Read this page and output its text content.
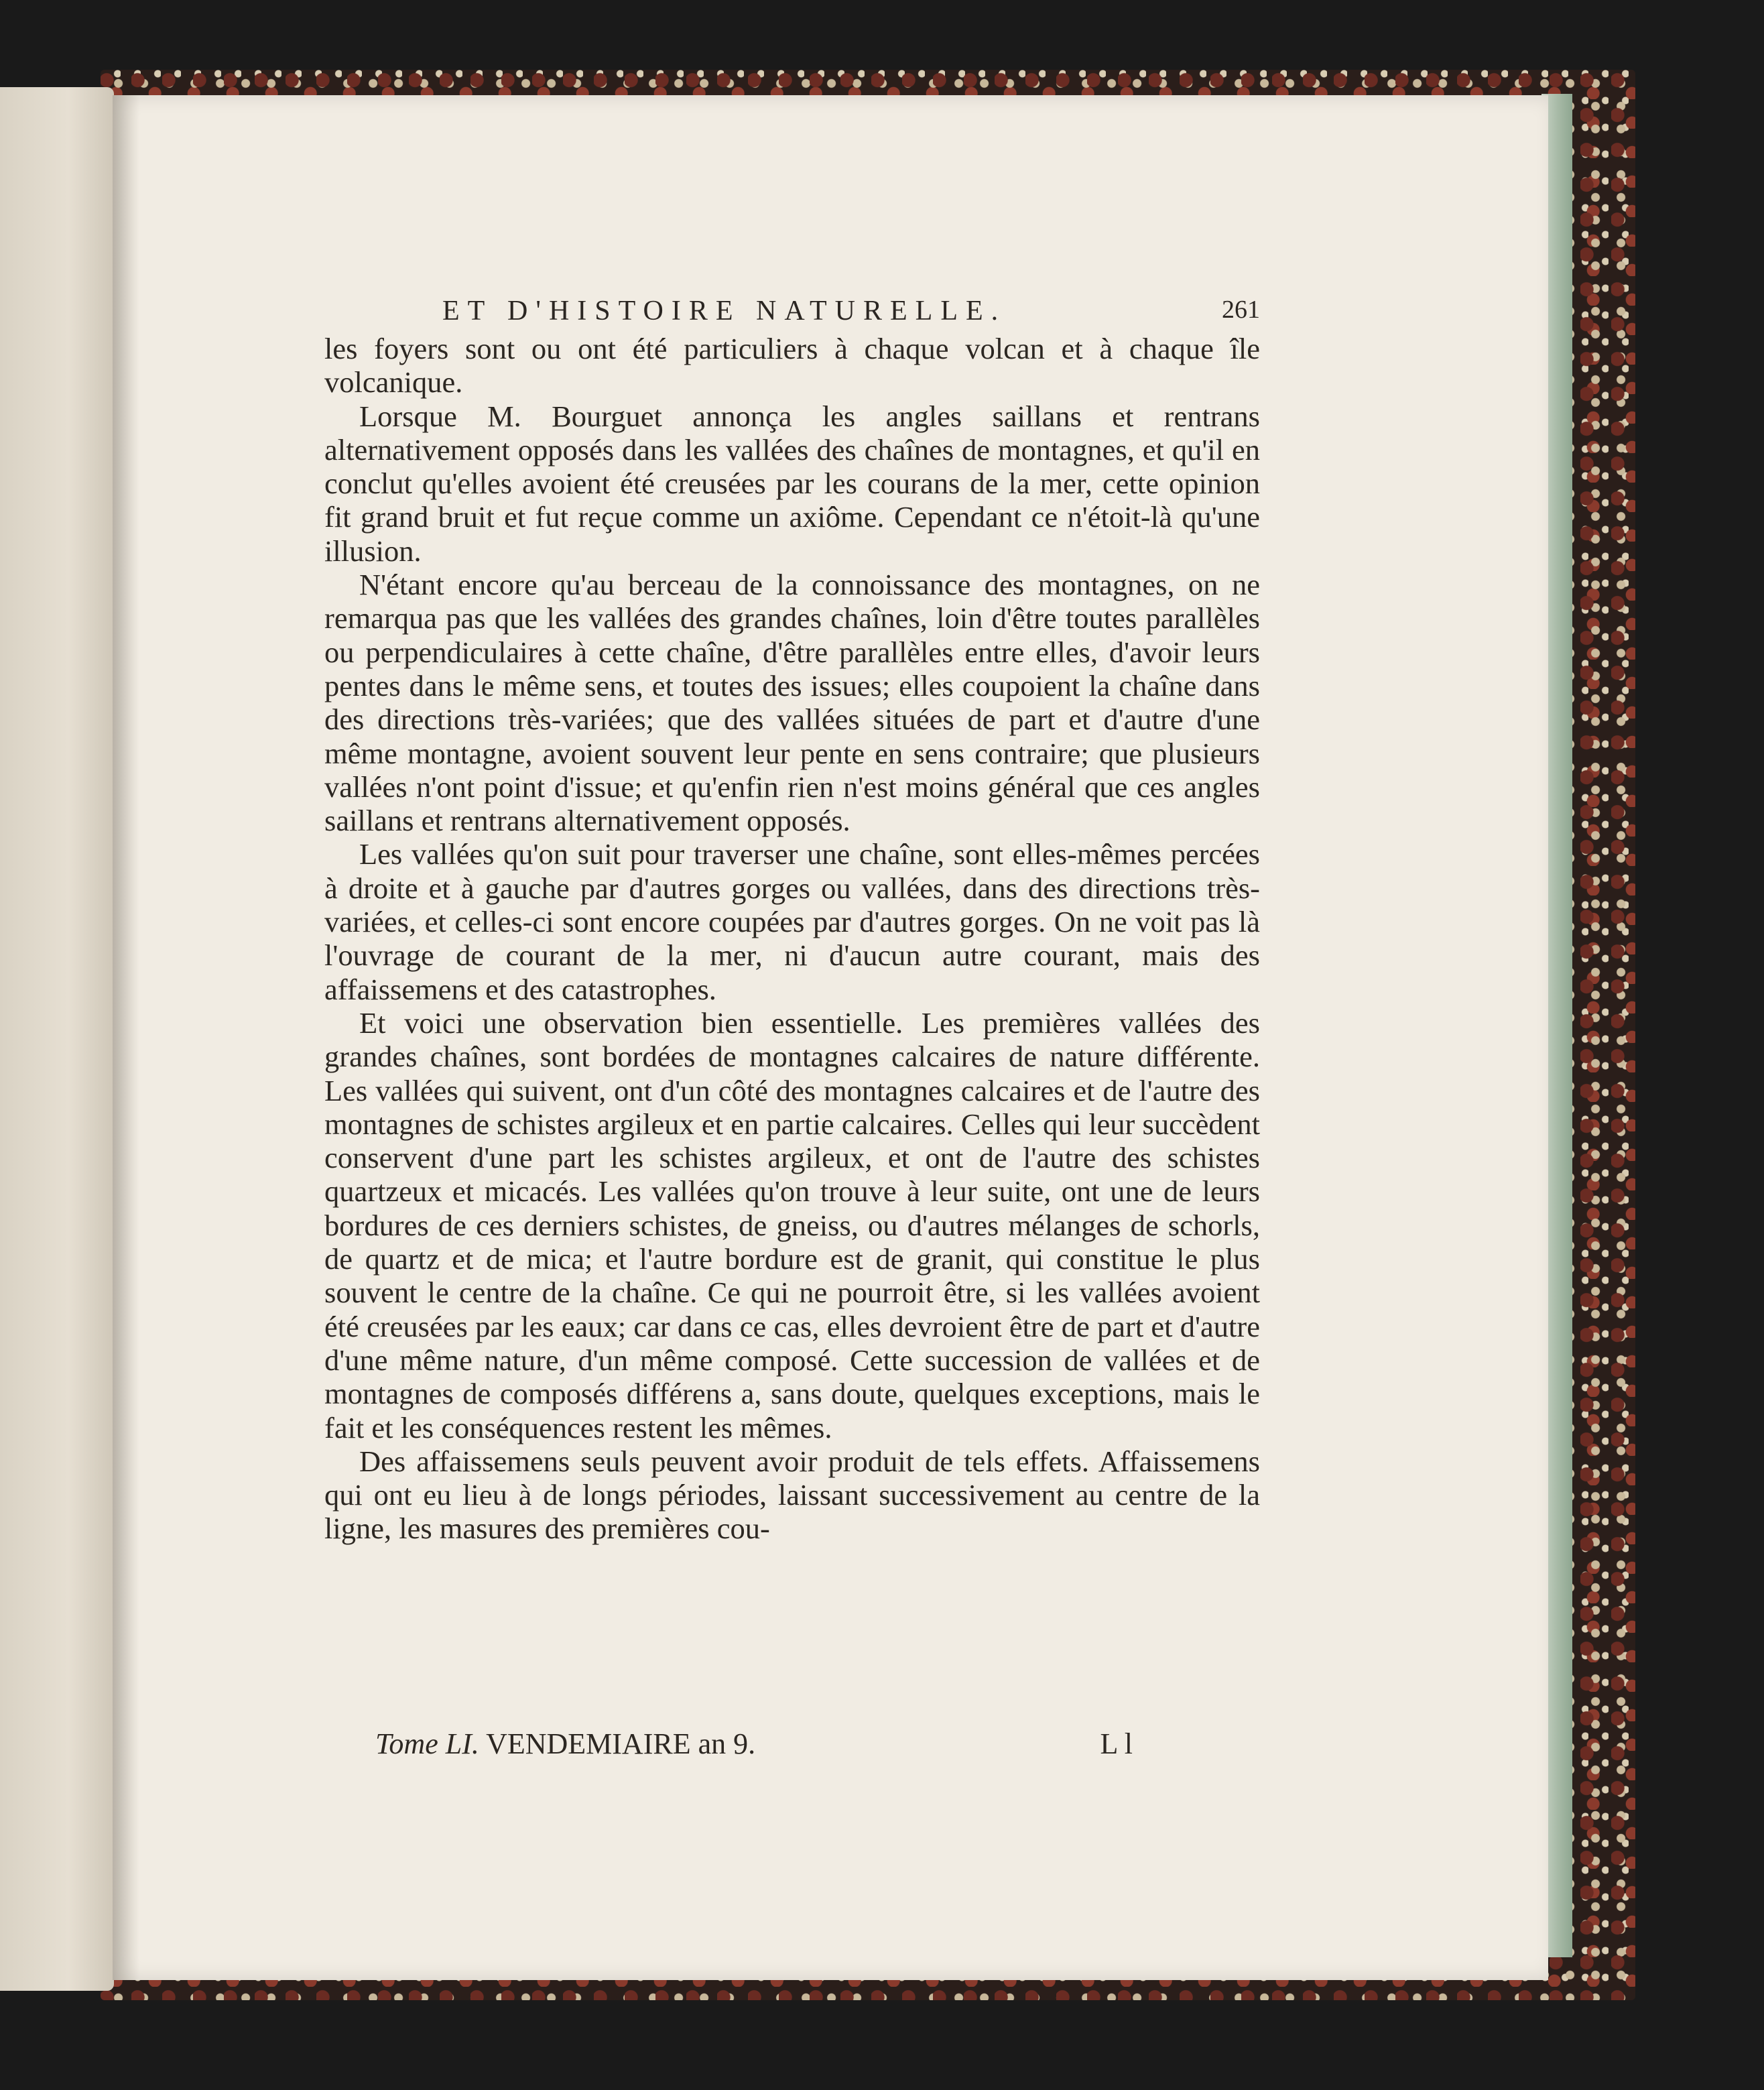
ET D'HISTOIRE NATURELLE.	261

les foyers sont ou ont été particuliers à chaque volcan et à chaque île volcanique.

Lorsque M. Bourguet annonça les angles saillans et rentrans alternativement opposés dans les vallées des chaînes de montagnes, et qu'il en conclut qu'elles avoient été creusées par les courans de la mer, cette opinion fit grand bruit et fut reçue comme un axiôme. Cependant ce n'étoit-là qu'une illusion.

N'étant encore qu'au berceau de la connoissance des montagnes, on ne remarqua pas que les vallées des grandes chaînes, loin d'être toutes parallèles ou perpendiculaires à cette chaîne, d'être parallèles entre elles, d'avoir leurs pentes dans le même sens, et toutes des issues; elles coupoient la chaîne dans des directions très-variées; que des vallées situées de part et d'autre d'une même montagne, avoient souvent leur pente en sens contraire; que plusieurs vallées n'ont point d'issue; et qu'enfin rien n'est moins général que ces angles saillans et rentrans alternativement opposés.

Les vallées qu'on suit pour traverser une chaîne, sont elles-mêmes percées à droite et à gauche par d'autres gorges ou vallées, dans des directions très-variées, et celles-ci sont encore coupées par d'autres gorges. On ne voit pas là l'ouvrage de courant de la mer, ni d'aucun autre courant, mais des affaissemens et des catastrophes.

Et voici une observation bien essentielle. Les premières vallées des grandes chaînes, sont bordées de montagnes calcaires de nature différente. Les vallées qui suivent, ont d'un côté des montagnes calcaires et de l'autre des montagnes de schistes argileux et en partie calcaires. Celles qui leur succèdent conservent d'une part les schistes argileux, et ont de l'autre des schistes quartzeux et micacés. Les vallées qu'on trouve à leur suite, ont une de leurs bordures de ces derniers schistes, de gneiss, ou d'autres mélanges de schorls, de quartz et de mica; et l'autre bordure est de granit, qui constitue le plus souvent le centre de la chaîne. Ce qui ne pourroit être, si les vallées avoient été creusées par les eaux; car dans ce cas, elles devroient être de part et d'autre d'une même nature, d'un même composé. Cette succession de vallées et de montagnes de composés différens a, sans doute, quelques exceptions, mais le fait et les conséquences restent les mêmes.

Des affaissemens seuls peuvent avoir produit de tels effets. Affaissemens qui ont eu lieu à de longs périodes, laissant successivement au centre de la ligne, les masures des premières cou-

Tome LI. VENDEMIAIRE an 9.	L l
